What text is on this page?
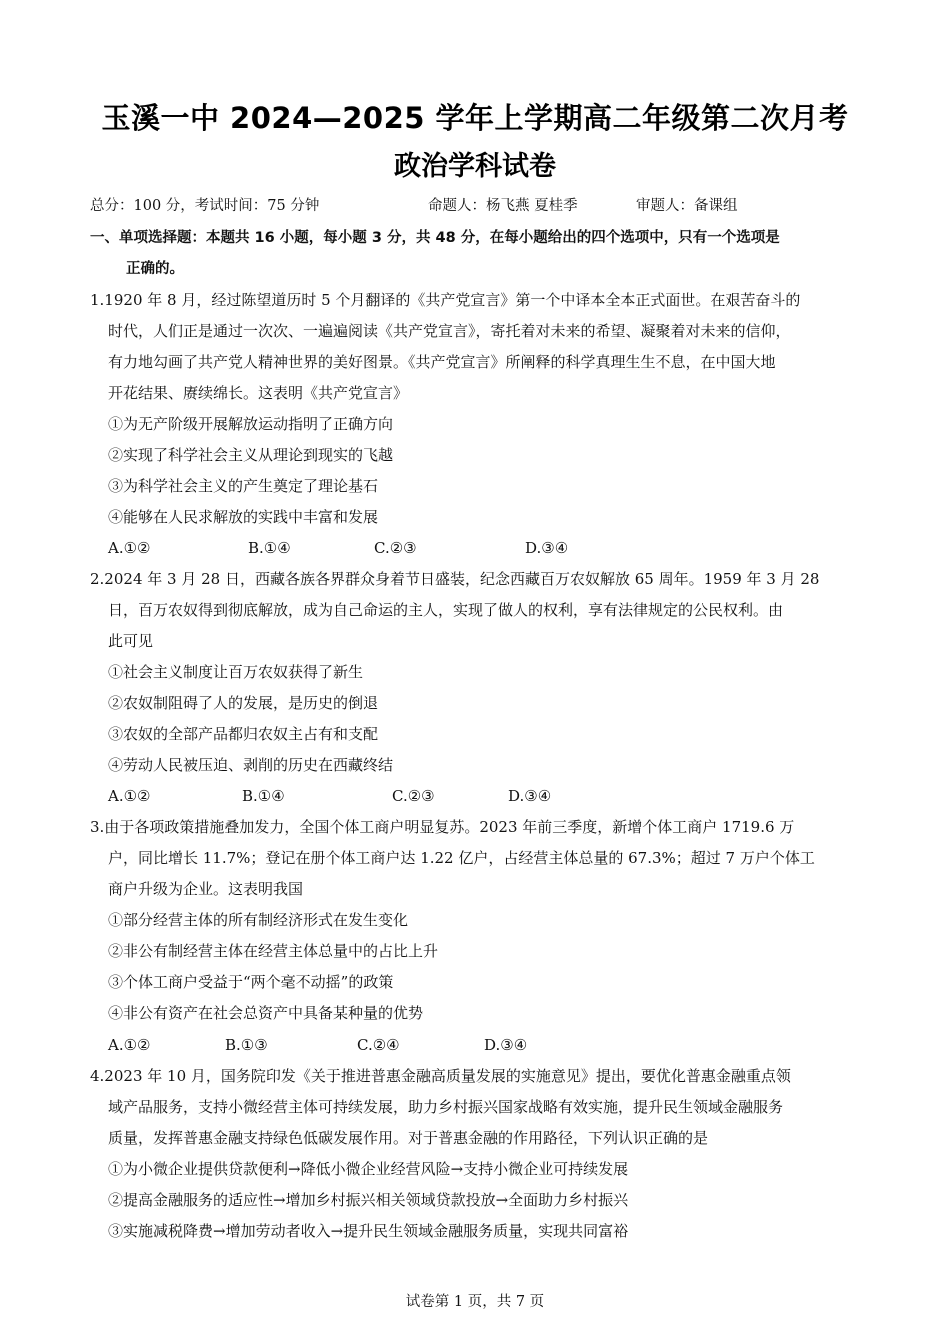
玉溪一中 2024—2025 学年上学期高二年级第二次月考
政治学科试卷
总分：100 分，考试时间：75 分钟	命题人：杨飞燕 夏桂季	审题人：备课组
一、单项选择题：本题共 16 小题，每小题 3 分，共 48 分，在每小题给出的四个选项中，只有一个选项是
正确的。
1.1920 年 8 月，经过陈望道历时 5 个月翻译的《共产党宣言》第一个中译本全本正式面世。在艰苦奋斗的
时代，人们正是通过一次次、一遍遍阅读《共产党宣言》，寄托着对未来的希望、凝聚着对未来的信仰，
有力地勾画了共产党人精神世界的美好图景。《共产党宣言》所阐释的科学真理生生不息，在中国大地
开花结果、赓续绵长。这表明《共产党宣言》
①为无产阶级开展解放运动指明了正确方向
②实现了科学社会主义从理论到现实的飞越
③为科学社会主义的产生奠定了理论基石
④能够在人民求解放的实践中丰富和发展
A.①②	B.①④	C.②③	D.③④
2.2024 年 3 月 28 日，西藏各族各界群众身着节日盛装，纪念西藏百万农奴解放 65 周年。1959 年 3 月 28
日，百万农奴得到彻底解放，成为自己命运的主人，实现了做人的权利，享有法律规定的公民权利。由
此可见
①社会主义制度让百万农奴获得了新生
②农奴制阻碍了人的发展，是历史的倒退
③农奴的全部产品都归农奴主占有和支配
④劳动人民被压迫、剥削的历史在西藏终结
A.①②	B.①④	C.②③	D.③④
3.由于各项政策措施叠加发力，全国个体工商户明显复苏。2023 年前三季度，新增个体工商户 1719.6 万
户，同比增长 11.7%；登记在册个体工商户达 1.22 亿户，占经营主体总量的 67.3%；超过 7 万户个体工
商户升级为企业。这表明我国
①部分经营主体的所有制经济形式在发生变化
②非公有制经营主体在经营主体总量中的占比上升
③个体工商户受益于“两个毫不动摇”的政策
④非公有资产在社会总资产中具备某种量的优势
A.①②	B.①③	C.②④	D.③④
4.2023 年 10 月，国务院印发《关于推进普惠金融高质量发展的实施意见》提出，要优化普惠金融重点领
域产品服务，支持小微经营主体可持续发展，助力乡村振兴国家战略有效实施，提升民生领域金融服务
质量，发挥普惠金融支持绿色低碳发展作用。对于普惠金融的作用路径，下列认识正确的是
①为小微企业提供贷款便利→降低小微企业经营风险→支持小微企业可持续发展
②提高金融服务的适应性→增加乡村振兴相关领域贷款投放→全面助力乡村振兴
③实施减税降费→增加劳动者收入→提升民生领域金融服务质量，实现共同富裕
试卷第 1 页，共 7 页
